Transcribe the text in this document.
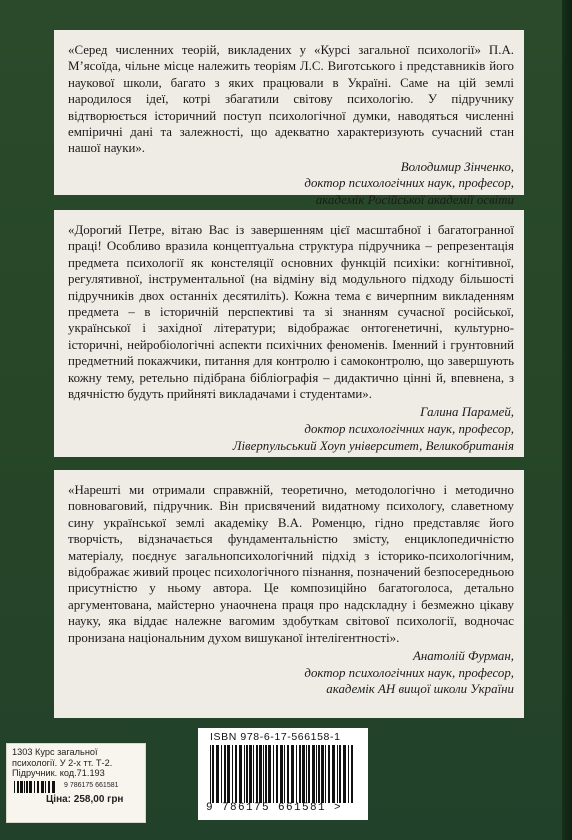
«Серед численних теорій, викладених у «Курсі загальної психології» П.А. М’ясоїда, чільне місце належить теоріям Л.С. Виготського і представників його наукової школи, багато з яких працювали в Україні. Саме на цій землі народилося ідеї, котрі збагатили світову психологію. У підручнику відтворюється історичний поступ психологічної думки, наводяться численні емпіричні дані та залежності, що адекватно характеризують сучасний стан нашої науки».

Володимир Зінченко,
доктор психологічних наук, професор,
академік Російської академії освіти

«Дорогий Петре, вітаю Вас із завершенням цієї масштабної і багатогранної праці! Особливо вразила концептуальна структура підручника – репрезентація предмета психології як констеляції основних функцій психіки: когнітивної, регулятивної, інструментальної (на відміну від модульного підходу більшості підручників двох останніх десятиліть). Кожна тема є вичерпним викладенням предмета – в історичній перспективі та зі знанням сучасної російської, української і західної літератури; відображає онтогенетичні, культурно-історичні, нейробіологічні аспекти психічних феноменів. Іменний і грунтовний предметний покажчики, питання для контролю і самоконтролю, що завершують кожну тему, ретельно підібрана бібліографія – дидактично цінні й, впевнена, з вдячністю будуть прийняті викладачами і студентами».

Галина Парамей,
доктор психологічних наук, професор,
Ліверпульський Хоуп університет, Великобританія

«Нарешті ми отримали справжній, теоретично, методологічно і методично повноваговий, підручник. Він присвячений видатному психологу, славетному сину української землі академіку В.А. Роменцю, гідно представляє його творчість, відзначається фундаментальністю змісту, енциклопедичністю матеріалу, поєднує загальнопсихологічний підхід з історико-психологічним, відображає живий процес психологічного пізнання, позначений безпосередньою присутністю у ньому автора. Це композиційно багатоголоса, детально аргументована, майстерно унаочнена праця про надскладну і безмежно цікаву науку, яка віддає належне вагомим здобуткам світової психології, водночас пронизана національним духом вишуканої інтелігентності».

Анатолій Фурман,
доктор психологічних наук, професор,
академік АН вищої школи України
ISBN 978-6-17-566158-1
9 786175 661581 >
1303 Курс загальної
психології. У 2-х тт. Т-2.
Підручник. код.71.193
9 786175 661581
Ціна: 258,00 грн
